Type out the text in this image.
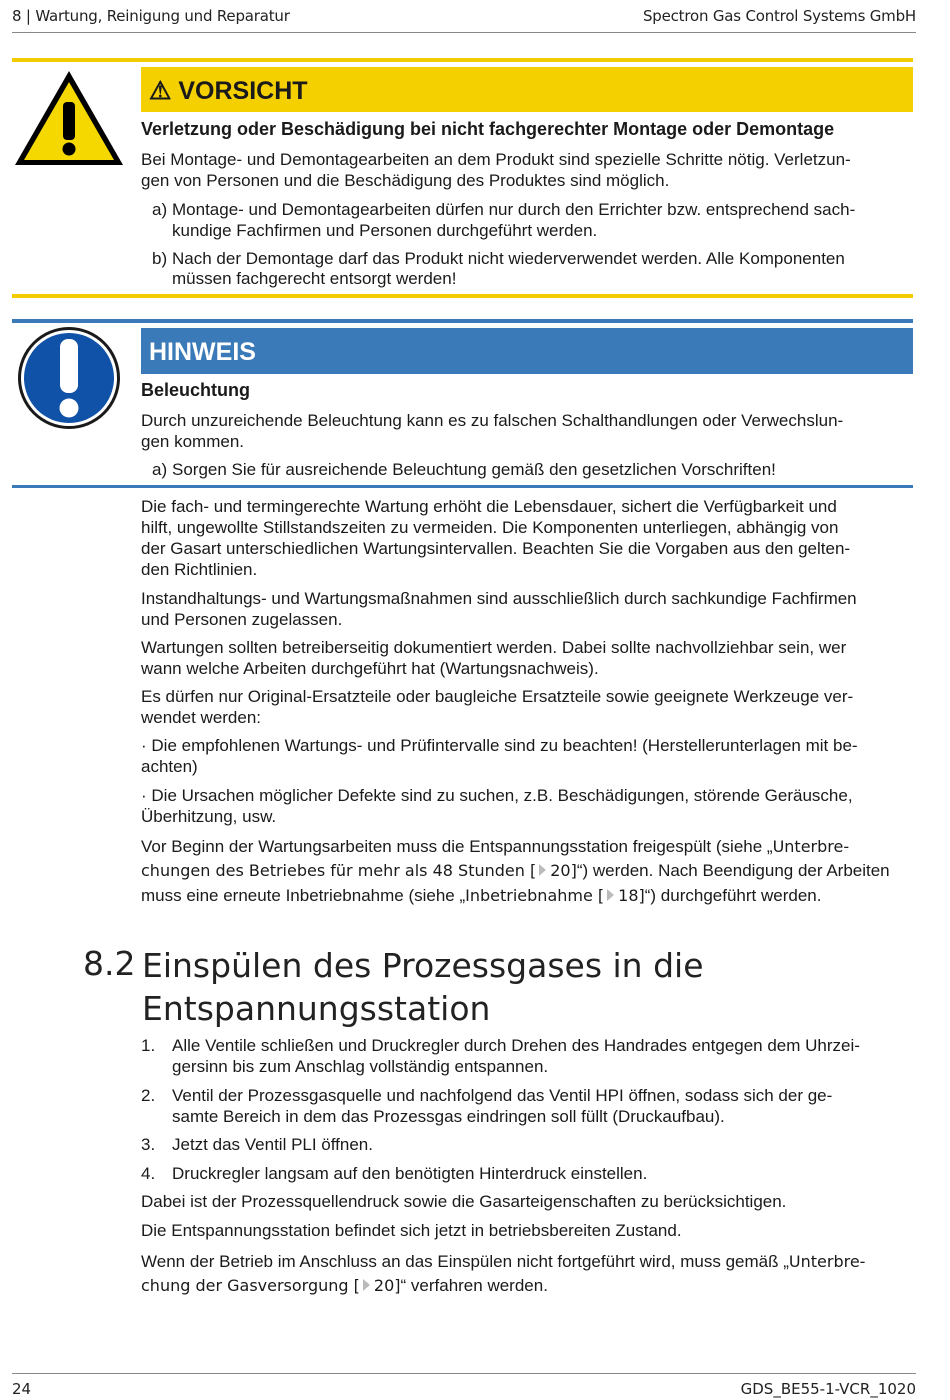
8 | Wartung, Reinigung und Reparatur	Spectron Gas Control Systems GmbH
⚠ VORSICHT
Verletzung oder Beschädigung bei nicht fachgerechter Montage oder Demontage
Bei Montage- und Demontagearbeiten an dem Produkt sind spezielle Schritte nötig. Verletzun-
gen von Personen und die Beschädigung des Produktes sind möglich.
a) Montage- und Demontagearbeiten dürfen nur durch den Errichter bzw. entsprechend sach-
kundige Fachfirmen und Personen durchgeführt werden.
b) Nach der Demontage darf das Produkt nicht wiederverwendet werden. Alle Komponenten
müssen fachgerecht entsorgt werden!
HINWEIS
Beleuchtung
Durch unzureichende Beleuchtung kann es zu falschen Schalthandlungen oder Verwechslun-
gen kommen.
a) Sorgen Sie für ausreichende Beleuchtung gemäß den gesetzlichen Vorschriften!
Die fach- und termingerechte Wartung erhöht die Lebensdauer, sichert die Verfügbarkeit und
hilft, ungewollte Stillstandszeiten zu vermeiden. Die Komponenten unterliegen, abhängig von
der Gasart unterschiedlichen Wartungsintervallen. Beachten Sie die Vorgaben aus den gelten-
den Richtlinien.
Instandhaltungs- und Wartungsmaßnahmen sind ausschließlich durch sachkundige Fachfirmen
und Personen zugelassen.
Wartungen sollten betreiberseitig dokumentiert werden. Dabei sollte nachvollziehbar sein, wer
wann welche Arbeiten durchgeführt hat (Wartungsnachweis).
Es dürfen nur Original-Ersatzteile oder baugleiche Ersatzteile sowie geeignete Werkzeuge ver-
wendet werden:
· Die empfohlenen Wartungs- und Prüfintervalle sind zu beachten! (Herstellerunterlagen mit be-
achten)
· Die Ursachen möglicher Defekte sind zu suchen, z.B. Beschädigungen, störende Geräusche,
Überhitzung, usw.
Vor Beginn der Wartungsarbeiten muss die Entspannungsstation freigespült (siehe „Unterbre-
chungen des Betriebes für mehr als 48 Stunden [ 20]“) werden. Nach Beendigung der Arbeiten
muss eine erneute Inbetriebnahme (siehe „Inbetriebnahme [ 18]“) durchgeführt werden.
8.2 Einspülen des Prozessgases in die
Entspannungsstation
1. Alle Ventile schließen und Druckregler durch Drehen des Handrades entgegen dem Uhrzei-
gersinn bis zum Anschlag vollständig entspannen.
2. Ventil der Prozessgasquelle und nachfolgend das Ventil HPI öffnen, sodass sich der ge-
samte Bereich in dem das Prozessgas eindringen soll füllt (Druckaufbau).
3. Jetzt das Ventil PLI öffnen.
4. Druckregler langsam auf den benötigten Hinterdruck einstellen.
Dabei ist der Prozessquellendruck sowie die Gasarteigenschaften zu berücksichtigen.
Die Entspannungsstation befindet sich jetzt in betriebsbereiten Zustand.
Wenn der Betrieb im Anschluss an das Einspülen nicht fortgeführt wird, muss gemäß „Unterbre-
chung der Gasversorgung [ 20]“ verfahren werden.
24	GDS_BE55-1-VCR_1020
